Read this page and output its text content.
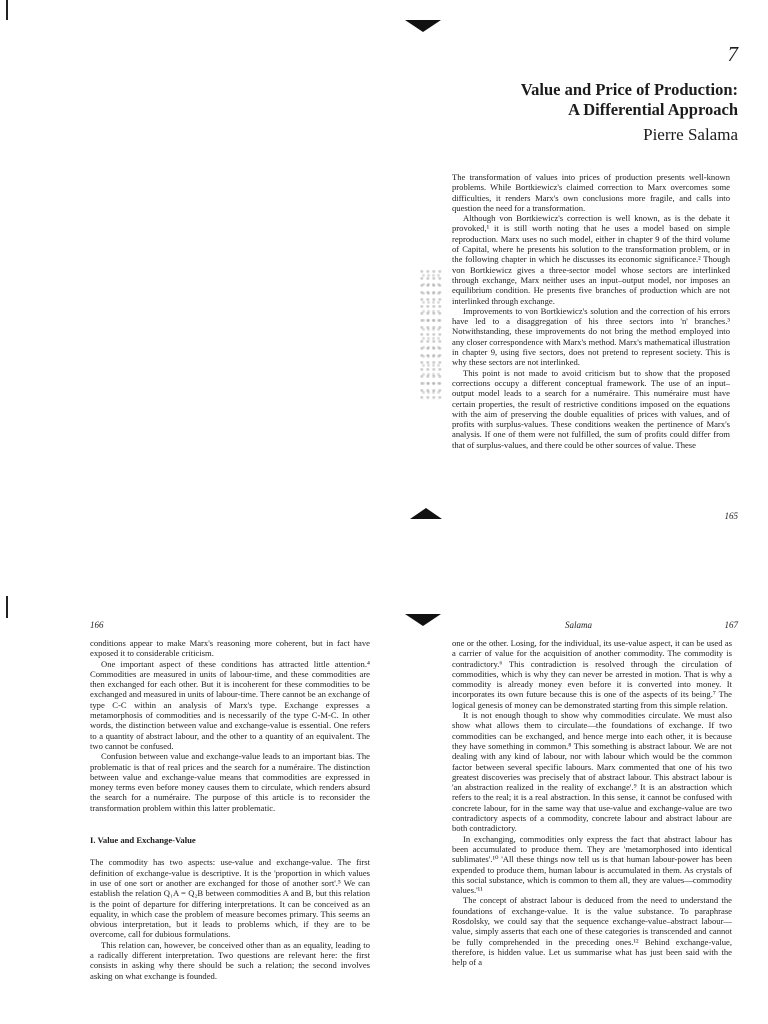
7
Value and Price of Production:
A Differential Approach
Pierre Salama

The transformation of values into prices of production presents well-known problems. While Bortkiewicz's claimed correction to Marx overcomes some difficulties, it renders Marx's own conclusions more fragile, and calls into question the need for a transformation.

Although von Bortkiewicz's correction is well known, as is the debate it provoked,¹ it is still worth noting that he uses a model based on simple reproduction. Marx uses no such model, either in chapter 9 of the third volume of Capital, where he presents his solution to the transformation problem, or in the following chapter in which he discusses its economic significance.² Though von Bortkiewicz gives a three-sector model whose sectors are interlinked through exchange, Marx neither uses an input–output model, nor imposes an equilibrium condition. He presents five branches of production which are not interlinked through exchange.

Improvements to von Bortkiewicz's solution and the correction of his errors have led to a disaggregation of his three sectors into 'n' branches.³ Notwithstanding, these improvements do not bring the method employed into any closer correspondence with Marx's method. Marx's mathematical illustration in chapter 9, using five sectors, does not pretend to represent society. This is why these sectors are not interlinked.

This point is not made to avoid criticism but to show that the proposed corrections occupy a different conceptual framework. The use of an input–output model leads to a search for a numéraire. This numéraire must have certain properties, the result of restrictive conditions imposed on the equations with the aim of preserving the double equalities of prices with values, and of profits with surplus-values. These conditions weaken the pertinence of Marx's analysis. If one of them were not fulfilled, the sum of profits could differ from that of surplus-values, and there could be other sources of value. These

165
166

conditions appear to make Marx's reasoning more coherent, but in fact have exposed it to considerable criticism.

One important aspect of these conditions has attracted little attention.⁴ Commodities are measured in units of labour-time, and these commodities are then exchanged for each other. But it is incoherent for these commodities to be exchanged and measured in units of labour-time. There cannot be an exchange of type C-C within an analysis of Marx's type. Exchange expresses a metamorphosis of commodities and is necessarily of the type C-M-C. In other words, the distinction between value and exchange-value is essential. One refers to a quantity of abstract labour, and the other to a quantity of an equivalent. The two cannot be confused.

Confusion between value and exchange-value leads to an important bias. The problematic is that of real prices and the search for a numéraire. The distinction between value and exchange-value means that commodities are expressed in money terms even before money causes them to circulate, which renders absurd the search for a numéraire. The purpose of this article is to reconsider the transformation problem within this latter problematic.

I. Value and Exchange-Value

The commodity has two aspects: use-value and exchange-value. The first definition of exchange-value is descriptive. It is the 'proportion in which values in use of one sort or another are exchanged for those of another sort'.⁵ We can establish the relation Q₁A = Q₂B between commodities A and B, but this relation is the point of departure for differing interpretations. It can be conceived as an equality, in which case the problem of measure becomes primary. This seems an obvious interpretation, but it leads to problems which, if they are to be overcome, call for dubious formulations.

This relation can, however, be conceived other than as an equality, leading to a radically different interpretation. Two questions are relevant here: the first consists in asking why there should be such a relation; the second involves asking on what exchange is founded.

Salama	167

one or the other. Losing, for the individual, its use-value aspect, it can be used as a carrier of value for the acquisition of another commodity. The commodity is contradictory.⁶ This contradiction is resolved through the circulation of commodities, which is why they can never be arrested in motion. That is why a commodity is already money even before it is converted into money. It incorporates its own future because this is one of the aspects of its being.⁷ The logical genesis of money can be demonstrated starting from this simple relation.

It is not enough though to show why commodities circulate. We must also show what allows them to circulate—the foundations of exchange. If two commodities can be exchanged, and hence merge into each other, it is because they have something in common.⁸ This something is abstract labour. We are not dealing with any kind of labour, nor with labour which would be the common factor between several specific labours. Marx commented that one of his two greatest discoveries was precisely that of abstract labour. This abstract labour is 'an abstraction realized in the reality of exchange'.⁹ It is an abstraction which refers to the real; it is a real abstraction. In this sense, it cannot be confused with concrete labour, for in the same way that use-value and exchange-value are two contradictory aspects of a commodity, concrete labour and abstract labour are both contradictory.

In exchanging, commodities only express the fact that abstract labour has been accumulated to produce them. They are 'metamorphosed into identical sublimates'.¹⁰ 'All these things now tell us is that human labour-power has been expended to produce them, human labour is accumulated in them. As crystals of this social substance, which is common to them all, they are values—commodity values.'¹¹

The concept of abstract labour is deduced from the need to understand the foundations of exchange-value. It is the value substance. To paraphrase Rosdolsky, we could say that the sequence exchange-value–abstract labour—value, simply asserts that each one of these categories is transcended and cannot be fully comprehended in the preceding ones.¹² Behind exchange-value, therefore, is hidden value. Let us summarise what has just been said with the help of a
